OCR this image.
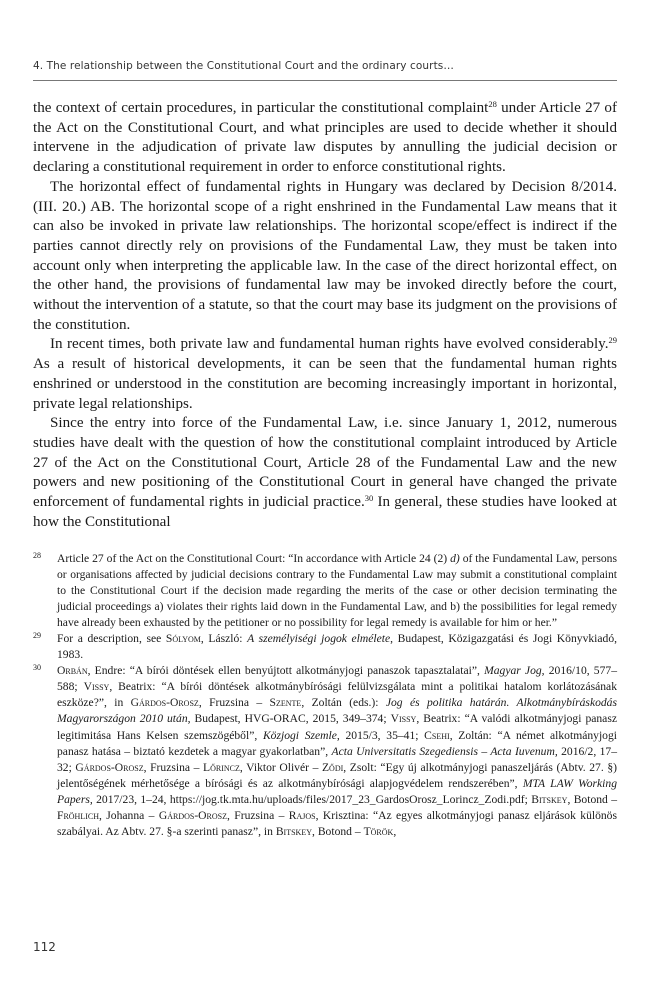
4. The relationship between the Constitutional Court and the ordinary courts…

the context of certain procedures, in particular the constitutional complaint$^{28}$ under Article 27 of the Act on the Constitutional Court, and what principles are used to decide whether it should intervene in the adjudication of private law disputes by annulling the judicial decision or declaring a constitutional requirement in order to enforce constitutional rights.

The horizontal effect of fundamental rights in Hungary was declared by Decision 8/2014. (III. 20.) AB. The horizontal scope of a right enshrined in the Fundamental Law means that it can also be invoked in private law relationships. The horizontal scope/effect is indirect if the parties cannot directly rely on provisions of the Fundamental Law, they must be taken into account only when interpreting the applicable law. In the case of the direct horizontal effect, on the other hand, the provisions of fundamental law may be invoked directly before the court, without the intervention of a statute, so that the court may base its judgment on the provisions of the constitution.

In recent times, both private law and fundamental human rights have evolved considerably.$^{29}$ As a result of historical developments, it can be seen that the fundamental human rights enshrined or understood in the constitution are becoming increasingly important in horizontal, private legal relationships.

Since the entry into force of the Fundamental Law, i.e. since January 1, 2012, numerous studies have dealt with the question of how the constitutional complaint introduced by Article 27 of the Act on the Constitutional Court, Article 28 of the Fundamental Law and the new powers and new positioning of the Constitutional Court in general have changed the private enforcement of fundamental rights in judicial practice.$^{30}$ In general, these studies have looked at how the Constitutional

28 Article 27 of the Act on the Constitutional Court: “In accordance with Article 24 (2) d) of the Fundamental Law, persons or organisations affected by judicial decisions contrary to the Fundamental Law may submit a constitutional complaint to the Constitutional Court if the decision made regarding the merits of the case or other decision terminating the judicial proceedings a) violates their rights laid down in the Fundamental Law, and b) the possibilities for legal remedy have already been exhausted by the petitioner or no possibility for legal remedy is available for him or her.”
29 For a description, see Sólyom, László: A személyiségi jogok elmélete, Budapest, Közigazgatási és Jogi Könyvkiadó, 1983.
30 Orbán, Endre: “A bírói döntések ellen benyújtott alkotmányjogi panaszok tapasztalatai”, Magyar Jog, 2016/10, 577–588; Vissy, Beatrix: “A bírói döntések alkotmánybírósági felülvizsgálata mint a politikai hatalom korlátozásának eszköze?”, in Gárdos-Orosz, Fruzsina – Szente, Zoltán (eds.): Jog és politika határán. Alkotmánybíráskodás Magyarországon 2010 után, Budapest, HVG-ORAC, 2015, 349–374; Vissy, Beatrix: “A valódi alkotmányjogi panasz legitimitása Hans Kelsen szemszögéből”, Közjogi Szemle, 2015/3, 35–41; Csehi, Zoltán: “A német alkotmányjogi panasz hatása – biztató kezdetek a magyar gyakorlatban”, Acta Universitatis Szegediensis – Acta Iuvenum, 2016/2, 17–32; Gárdos-Orosz, Fruzsina – Lőrincz, Viktor Olivér – Ződi, Zsolt: “Egy új alkotmányjogi panaszeljárás (Abtv. 27. §) jelentőségének mérhetősége a bírósági és az alkotmánybírósági alapjogvédelem rendszerében”, MTA LAW Working Papers, 2017/23, 1–24, https://jog.tk.mta.hu/uploads/files/2017_23_GardosOrosz_Lorincz_Zodi.pdf; Bitskey, Botond – Fröhlich, Johanna – Gárdos-Orosz, Fruzsina – Rajos, Krisztina: “Az egyes alkotmányjogi panasz eljárások különös szabályai. Az Abtv. 27. §-a szerinti panasz”, in Bitskey, Botond – Török,
112
